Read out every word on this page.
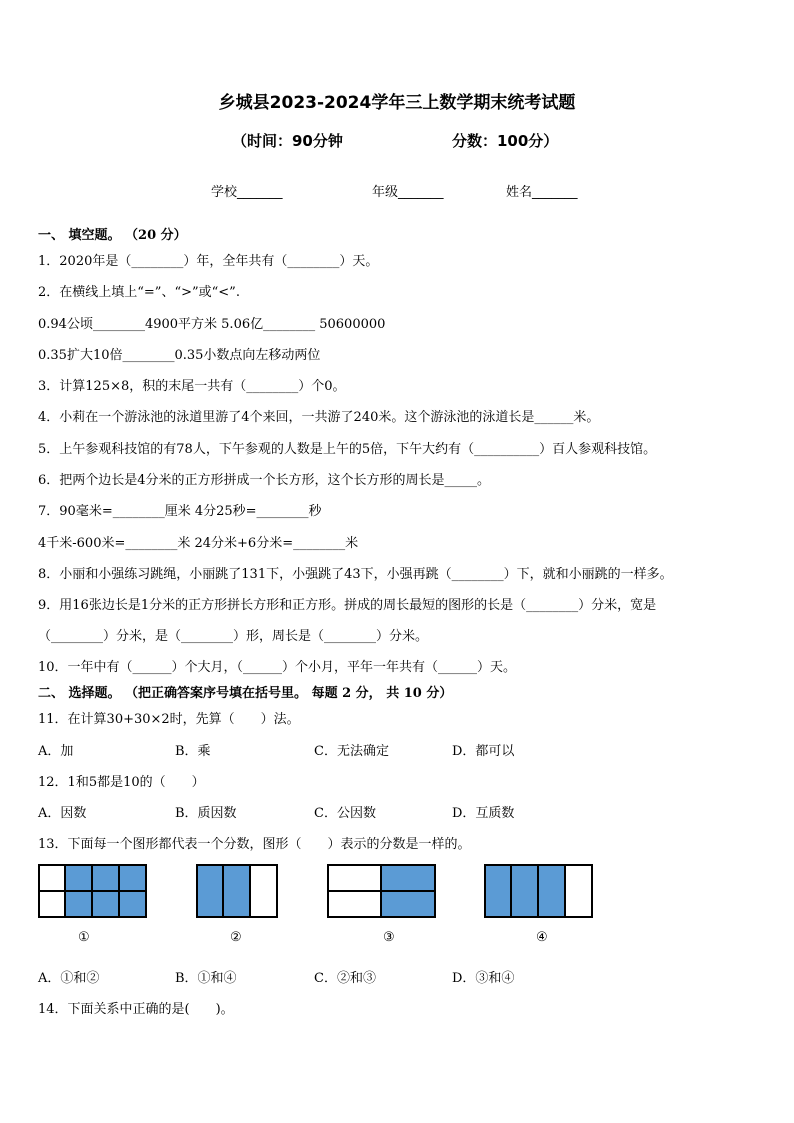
乡城县2023-2024学年三上数学期末统考试题
（时间：90分钟	分数：100分）
学校_______	年级_______	姓名_______
一、 填空题。 （20 分）
1．2020年是（________）年，全年共有（________）天。
2．在横线上填上“=”、“>”或“<”.
0.94公顷________4900平方米 5.06亿________ 50600000
0.35扩大10倍________0.35小数点向左移动两位
3．计算125×8，积的末尾一共有（________）个0。
4．小莉在一个游泳池的泳道里游了4个来回，一共游了240米。这个游泳池的泳道长是______米。
5．上午参观科技馆的有78人，下午参观的人数是上午的5倍，下午大约有（__________）百人参观科技馆。
6．把两个边长是4分米的正方形拼成一个长方形，这个长方形的周长是_____。
7．90毫米=________厘米 4分25秒=________秒
4千米-600米=________米 24分米+6分米=________米
8．小丽和小强练习跳绳，小丽跳了131下，小强跳了43下，小强再跳（________）下，就和小丽跳的一样多。
9．用16张边长是1分米的正方形拼长方形和正方形。拼成的周长最短的图形的长是（________）分米，宽是
（________）分米，是（________）形，周长是（________）分米。
10．一年中有（______）个大月，（______）个小月，平年一年共有（______）天。
二、 选择题。 （把正确答案序号填在括号里。 每题 2 分， 共 10 分）
11．在计算30+30×2时，先算（　　）法。
A．加	B．乘	C．无法确定	D．都可以
12．1和5都是10的（　　）
A．因数	B．质因数	C．公因数	D．互质数
13．下面每一个图形都代表一个分数，图形（　　）表示的分数是一样的。
①	②	③	④
A．①和②	B．①和④	C．②和③	D．③和④
14．下面关系中正确的是(　　)。
